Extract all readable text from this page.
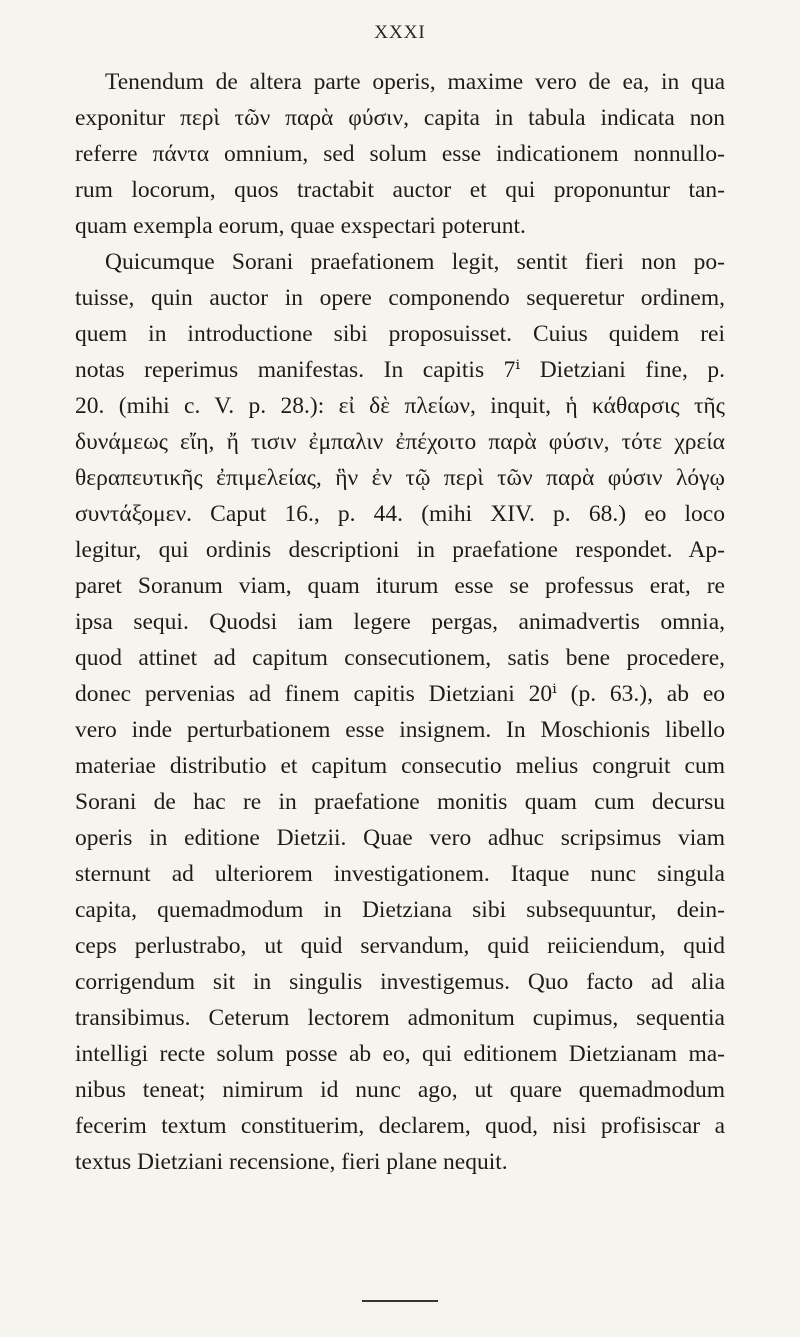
XXXI

Tenendum de altera parte operis, maxime vero de ea, in qua
exponitur περὶ τῶν παρὰ φύσιν, capita in tabula indicata non
referre πάντα omnium, sed solum esse indicationem nonnullo-
rum locorum, quos tractabit auctor et qui proponuntur tan-
quam exempla eorum, quae exspectari poterunt.

Quicumque Sorani praefationem legit, sentit fieri non po-
tuisse, quin auctor in opere componendo sequeretur ordinem,
quem in introductione sibi proposuisset. Cuius quidem rei
notas reperimus manifestas. In capitis 7ⁱ Dietziani fine, p.
20. (mihi c. V. p. 28.): εἰ δὲ πλείων, inquit, ἡ κάθαρσις τῆς
δυνάμεως εἴη, ἤ τισιν ἐμπαλιν ἐπέχοιτο παρὰ φύσιν, τότε χρεία
θεραπευτικῆς ἐπιμελείας, ἣν ἐν τῷ περὶ τῶν παρὰ φύσιν λόγῳ
συντάξομεν. Caput 16., p. 44. (mihi XIV. p. 68.) eo loco
legitur, qui ordinis descriptioni in praefatione respondet. Ap-
paret Soranum viam, quam iturum esse se professus erat, re
ipsa sequi. Quodsi iam legere pergas, animadvertis omnia,
quod attinet ad capitum consecutionem, satis bene procedere,
donec pervenias ad finem capitis Dietziani 20ⁱ (p. 63.), ab eo
vero inde perturbationem esse insignem. In Moschionis libello
materiae distributio et capitum consecutio melius congruit cum
Sorani de hac re in praefatione monitis quam cum decursu
operis in editione Dietzii. Quae vero adhuc scripsimus viam
sternunt ad ulteriorem investigationem. Itaque nunc singula
capita, quemadmodum in Dietziana sibi subsequuntur, dein-
ceps perlustrabo, ut quid servandum, quid reiiciendum, quid
corrigendum sit in singulis investigemus. Quo facto ad alia
transibimus. Ceterum lectorem admonitum cupimus, sequentia
intelligi recte solum posse ab eo, qui editionem Dietzianam ma-
nibus teneat; nimirum id nunc ago, ut quare quemadmodum
fecerim textum constituerim, declarem, quod, nisi profisiscar a
textus Dietziani recensione, fieri plane nequit.
